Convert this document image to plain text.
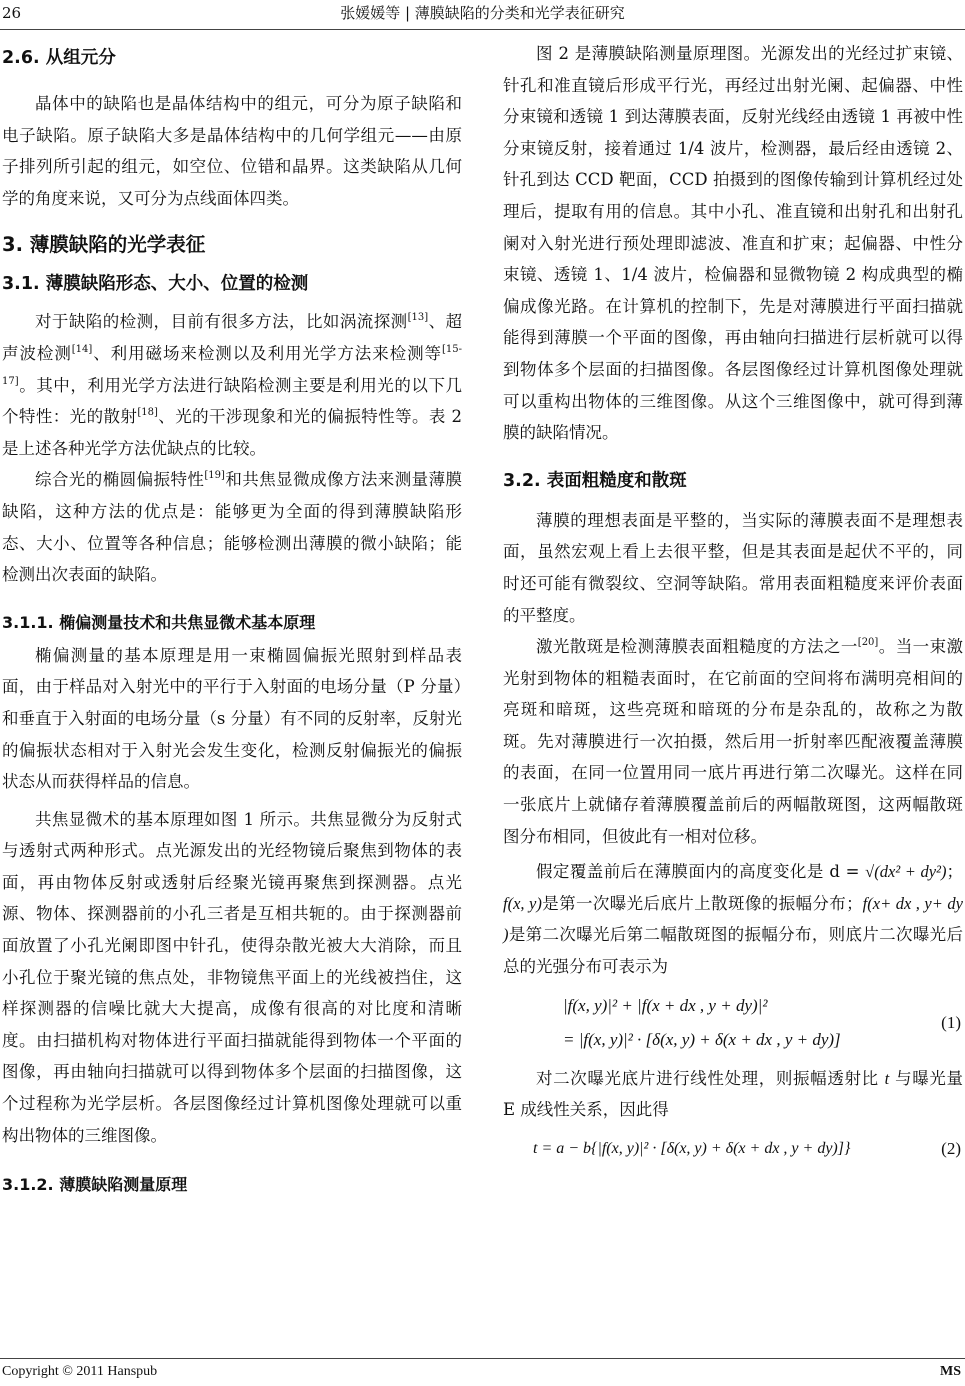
26	张媛媛等 | 薄膜缺陷的分类和光学表征研究
2.6. 从组元分

晶体中的缺陷也是晶体结构中的组元，可分为原子缺陷和电子缺陷。原子缺陷大多是晶体结构中的几何学组元——由原子排列所引起的组元，如空位、位错和晶界。这类缺陷从几何学的角度来说，又可分为点线面体四类。

3. 薄膜缺陷的光学表征
3.1. 薄膜缺陷形态、大小、位置的检测

对于缺陷的检测，目前有很多方法，比如涡流探测[13]、超声波检测[14]、利用磁场来检测以及利用光学方法来检测等[15-17]。其中，利用光学方法进行缺陷检测主要是利用光的以下几个特性：光的散射[18]、光的干涉现象和光的偏振特性等。表 2 是上述各种光学方法优缺点的比较。

综合光的椭圆偏振特性[19]和共焦显微成像方法来测量薄膜缺陷，这种方法的优点是：能够更为全面的得到薄膜缺陷形态、大小、位置等各种信息；能够检测出薄膜的微小缺陷；能检测出次表面的缺陷。

3.1.1. 椭偏测量技术和共焦显微术基本原理

椭偏测量的基本原理是用一束椭圆偏振光照射到样品表面，由于样品对入射光中的平行于入射面的电场分量（P 分量）和垂直于入射面的电场分量（s 分量）有不同的反射率，反射光的偏振状态相对于入射光会发生变化，检测反射偏振光的偏振状态从而获得样品的信息。

共焦显微术的基本原理如图 1 所示。共焦显微分为反射式与透射式两种形式。点光源发出的光经物镜后聚焦到物体的表面，再由物体反射或透射后经聚光镜再聚焦到探测器。点光源、物体、探测器前的小孔三者是互相共轭的。由于探测器前面放置了小孔光阑即图中针孔，使得杂散光被大大消除，而且小孔位于聚光镜的焦点处，非物镜焦平面上的光线被挡住，这样探测器的信噪比就大大提高，成像有很高的对比度和清晰度。由扫描机构对物体进行平面扫描就能得到物体一个平面的图像，再由轴向扫描就可以得到物体多个层面的扫描图像，这个过程称为光学层析。各层图像经过计算机图像处理就可以重构出物体的三维图像。

3.1.2. 薄膜缺陷测量原理

图 2 是薄膜缺陷测量原理图。光源发出的光经过扩束镜、针孔和准直镜后形成平行光，再经过出射光阑、起偏器、中性分束镜和透镜 1 到达薄膜表面，反射光线经由透镜 1 再被中性分束镜反射，接着通过 1/4 波片，检测器，最后经由透镜 2、针孔到达 CCD 靶面，CCD 拍摄到的图像传输到计算机经过处理后，提取有用的信息。其中小孔、准直镜和出射孔和出射孔阑对入射光进行预处理即滤波、准直和扩束；起偏器、中性分束镜、透镜 1、1/4 波片，检偏器和显微物镜 2 构成典型的椭偏成像光路。在计算机的控制下，先是对薄膜进行平面扫描就能得到薄膜一个平面的图像，再由轴向扫描进行层析就可以得到物体多个层面的扫描图像。各层图像经过计算机图像处理就可以重构出物体的三维图像。从这个三维图像中，就可得到薄膜的缺陷情况。

3.2. 表面粗糙度和散斑

薄膜的理想表面是平整的，当实际的薄膜表面不是理想表面，虽然宏观上看上去很平整，但是其表面是起伏不平的，同时还可能有微裂纹、空洞等缺陷。常用表面粗糙度来评价表面的平整度。

激光散斑是检测薄膜表面粗糙度的方法之一[20]。当一束激光射到物体的粗糙表面时，在它前面的空间将布满明亮相间的亮斑和暗斑，这些亮斑和暗斑的分布是杂乱的，故称之为散斑。先对薄膜进行一次拍摄，然后用一折射率匹配液覆盖薄膜的表面，在同一位置用同一底片再进行第二次曝光。这样在同一张底片上就储存着薄膜覆盖前后的两幅散斑图，这两幅散斑图分布相同，但彼此有一相对位移。

假定覆盖前后在薄膜面内的高度变化是 d = √(dx² + dy²)；f(x, y)是第一次曝光后底片上散斑像的振幅分布；f(x+ dx , y+ dy )是第二次曝光后第二幅散斑图的振幅分布，则底片二次曝光后总的光强分布可表示为

|f(x, y)|² + |f(x + dx , y + dy)|²
= |f(x, y)|² · [δ(x, y) + δ(x + dx , y + dy)]
(1)

对二次曝光底片进行线性处理，则振幅透射比 t 与曝光量 E 成线性关系，因此得

t = a − b{|f(x, y)|² · [δ(x, y) + δ(x + dx , y + dy)]}	(2)
Copyright © 2011 Hanspub	MS
